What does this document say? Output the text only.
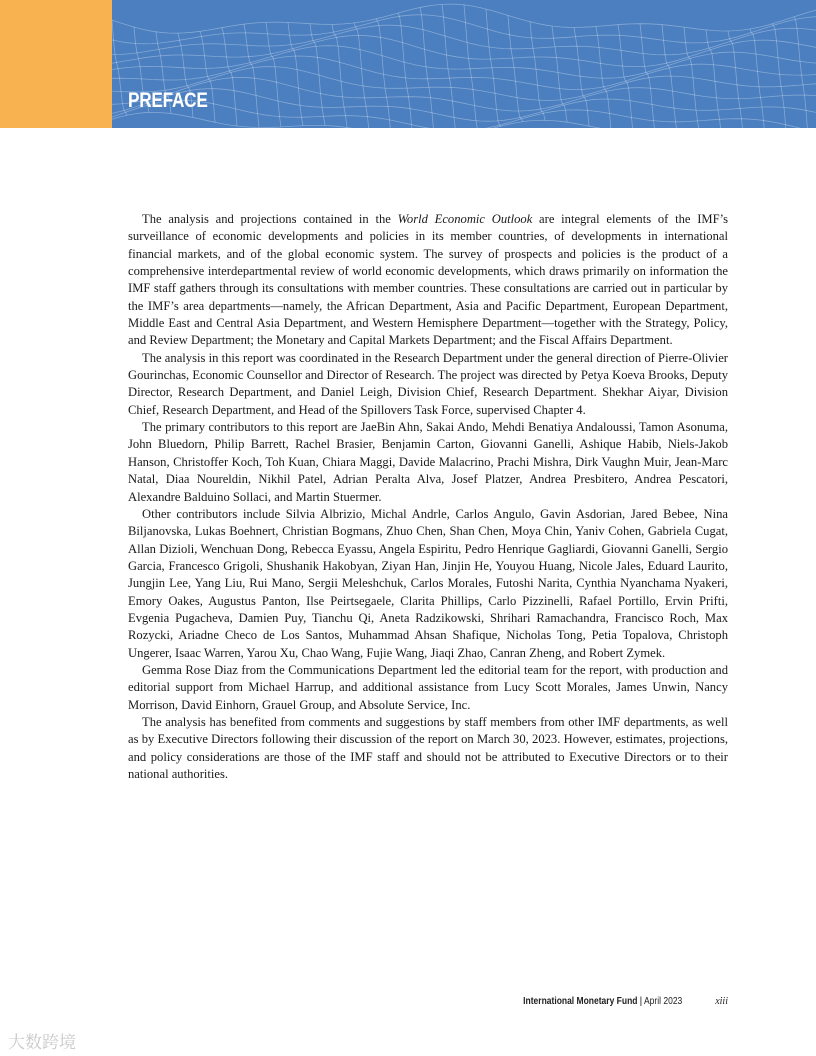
PREFACE

The analysis and projections contained in the World Economic Outlook are integral elements of the IMF’s surveillance of economic developments and policies in its member countries, of developments in international financial markets, and of the global economic system. The survey of prospects and policies is the product of a comprehensive interdepartmental review of world economic developments, which draws primarily on information the IMF staff gathers through its consultations with member countries. These consultations are carried out in particular by the IMF’s area departments—namely, the African Department, Asia and Pacific Department, European Department, Middle East and Central Asia Department, and Western Hemisphere Department—together with the Strategy, Policy, and Review Department; the Monetary and Capital Markets Department; and the Fiscal Affairs Department.

The analysis in this report was coordinated in the Research Department under the general direction of Pierre-Olivier Gourinchas, Economic Counsellor and Director of Research. The project was directed by Petya Koeva Brooks, Deputy Director, Research Department, and Daniel Leigh, Division Chief, Research Department. Shekhar Aiyar, Division Chief, Research Department, and Head of the Spillovers Task Force, supervised Chapter 4.

The primary contributors to this report are JaeBin Ahn, Sakai Ando, Mehdi Benatiya Andaloussi, Tamon Asonuma, John Bluedorn, Philip Barrett, Rachel Brasier, Benjamin Carton, Giovanni Ganelli, Ashique Habib, Niels-Jakob Hanson, Christoffer Koch, Toh Kuan, Chiara Maggi, Davide Malacrino, Prachi Mishra, Dirk Vaughn Muir, Jean-Marc Natal, Diaa Noureldin, Nikhil Patel, Adrian Peralta Alva, Josef Platzer, Andrea Presbitero, Andrea Pescatori, Alexandre Balduino Sollaci, and Martin Stuermer.

Other contributors include Silvia Albrizio, Michal Andrle, Carlos Angulo, Gavin Asdorian, Jared Bebee, Nina Biljanovska, Lukas Boehnert, Christian Bogmans, Zhuo Chen, Shan Chen, Moya Chin, Yaniv Cohen, Gabriela Cugat, Allan Dizioli, Wenchuan Dong, Rebecca Eyassu, Angela Espiritu, Pedro Henrique Gagliardi, Giovanni Ganelli, Sergio Garcia, Francesco Grigoli, Shushanik Hakobyan, Ziyan Han, Jinjin He, Youyou Huang, Nicole Jales, Eduard Laurito, Jungjin Lee, Yang Liu, Rui Mano, Sergii Meleshchuk, Carlos Morales, Futoshi Narita, Cynthia Nyanchama Nyakeri, Emory Oakes, Augustus Panton, Ilse Peirtsegaele, Clarita Phillips, Carlo Pizzinelli, Rafael Portillo, Ervin Prifti, Evgenia Pugacheva, Damien Puy, Tianchu Qi, Aneta Radzikowski, Shrihari Ramachandra, Francisco Roch, Max Rozycki, Ariadne Checo de Los Santos, Muhammad Ahsan Shafique, Nicholas Tong, Petia Topalova, Christoph Ungerer, Isaac Warren, Yarou Xu, Chao Wang, Fujie Wang, Jiaqi Zhao, Canran Zheng, and Robert Zymek.

Gemma Rose Diaz from the Communications Department led the editorial team for the report, with production and editorial support from Michael Harrup, and additional assistance from Lucy Scott Morales, James Unwin, Nancy Morrison, David Einhorn, Grauel Group, and Absolute Service, Inc.

The analysis has benefited from comments and suggestions by staff members from other IMF departments, as well as by Executive Directors following their discussion of the report on March 30, 2023. However, estimates, projections, and policy considerations are those of the IMF staff and should not be attributed to Executive Directors or to their national authorities.

International Monetary Fund | April 2023	xiii
大数跨境
